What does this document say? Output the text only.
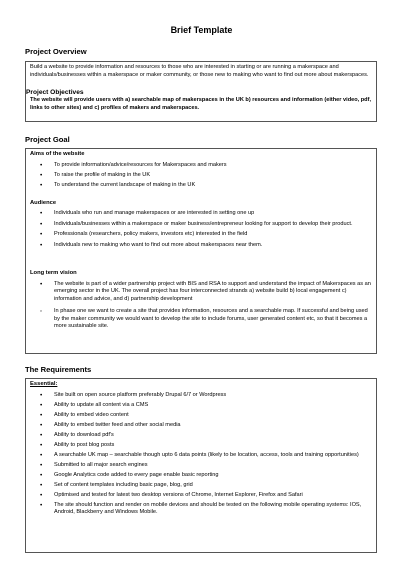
Brief Template
Project Overview
Build a website to provide information and resources to those who are interested in starting or are running a makerspace and individuals/businesses within a makerspace or maker community, or those new to making who want to find out more about makerspaces.
Project Objectives
The website will provide users with a) searchable map of makerspaces in the UK b) resources and information (either video, pdf, links to other sites) and c) profiles of makers and makerspaces.
Project Goal
Aims of the website
• To provide information/advice/resources for Makerspaces and makers
• To raise the profile of making in the UK
• To understand the current landscape of making in the UK
Audience
• Individuals who run and manage makerspaces or are interested in setting one up
• Individuals/businesses within a makerspace or maker business/entrepreneur looking for support to develop their product.
• Professionals (researchers, policy makers, investors etc) interested in the field
• Individuals new to making who want to find out more about makerspaces near them.
Long term vision
• The website is part of a wider partnership project with BIS and RSA to support and understand the impact of Makerspaces as an emerging sector in the UK. The overall project has four interconnected strands a) website build b) local engagement c) information and advice, and d) partnership development
◦ In phase one we want to create a site that provides information, resources and a searchable map. If successful and being used by the maker community we would want to develop the site to include forums, user generated content etc, so that it becomes a more sustainable site.
The Requirements
Essential:
• Site built on open source platform preferably Drupal 6/7 or Wordpress
• Ability to update all content via a CMS
• Ability to embed video content
• Ability to embed twitter feed and other social media
• Ability to download pdf's
• Ability to post blog posts
• A searchable UK map – searchable though upto 6 data points (likely to be location, access, tools and training opportunities)
• Submitted to all major search engines
• Google Analytics code added to every page enable basic reporting
• Set of content templates including basic page, blog, grid
• Optimised and tested for latest two desktop versions of Chrome, Internet Explorer, Firefox and Safari
• The site should function and render on mobile devices and should be tested on the following mobile operating systems: IOS, Android, Blackberry and Windows Mobile.
